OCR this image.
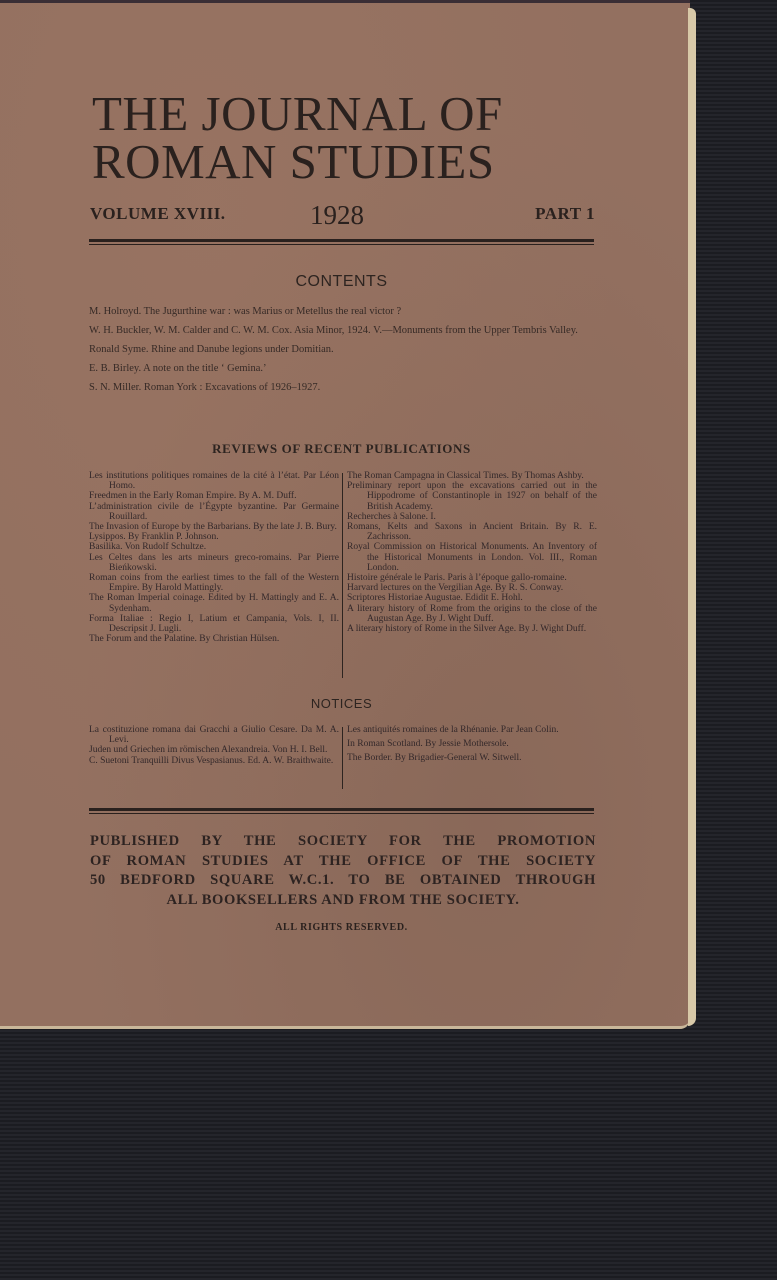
THE JOURNAL OF
ROMAN STUDIES
VOLUME XVIII.	1928	PART 1
CONTENTS
M. Holroyd. The Jugurthine war : was Marius or Metellus the real victor ?
W. H. Buckler, W. M. Calder and C. W. M. Cox. Asia Minor, 1924. V.—Monuments from the Upper Tembris Valley.
Ronald Syme. Rhine and Danube legions under Domitian.
E. B. Birley. A note on the title ‘ Gemina.’
S. N. Miller. Roman York : Excavations of 1926–1927.
REVIEWS OF RECENT PUBLICATIONS
Les institutions politiques romaines de la cité à l’état. Par Léon Homo.
Freedmen in the Early Roman Empire. By A. M. Duff.
L’administration civile de l’Égypte byzantine. Par Germaine Rouillard.
The Invasion of Europe by the Barbarians. By the late J. B. Bury.
Lysippos. By Franklin P. Johnson.
Basilika. Von Rudolf Schultze.
Les Celtes dans les arts mineurs greco-romains. Par Pierre Bieńkowski.
Roman coins from the earliest times to the fall of the Western Empire. By Harold Mattingly.
The Roman Imperial coinage. Edited by H. Mattingly and E. A. Sydenham.
Forma Italiae : Regio I, Latium et Campania, Vols. I, II. Descripsit J. Lugli.
The Forum and the Palatine. By Christian Hülsen.
The Roman Campagna in Classical Times. By Thomas Ashby.
Preliminary report upon the excavations carried out in the Hippodrome of Constantinople in 1927 on behalf of the British Academy.
Recherches à Salone. I.
Romans, Kelts and Saxons in Ancient Britain. By R. E. Zachrisson.
Royal Commission on Historical Monuments. An Inventory of the Historical Monuments in London. Vol. III., Roman London.
Histoire générale le Paris. Paris à l’époque gallo-romaine.
Harvard lectures on the Vergilian Age. By R. S. Conway.
Scriptores Historiae Augustae. Edidit E. Hohl.
A literary history of Rome from the origins to the close of the Augustan Age. By J. Wight Duff.
A literary history of Rome in the Silver Age. By J. Wight Duff.
NOTICES
La costituzione romana dai Gracchi a Giulio Cesare. Da M. A. Levi.
Juden und Griechen im römischen Alexandreia. Von H. I. Bell.
C. Suetoni Tranquilli Divus Vespasianus. Ed. A. W. Braithwaite.
Les antiquités romaines de la Rhénanie. Par Jean Colin.
In Roman Scotland. By Jessie Mothersole.
The Border. By Brigadier-General W. Sitwell.
PUBLISHED BY THE SOCIETY FOR THE PROMOTION
OF ROMAN STUDIES AT THE OFFICE OF THE SOCIETY
50 BEDFORD SQUARE W.C.1. TO BE OBTAINED THROUGH
ALL BOOKSELLERS AND FROM THE SOCIETY.
ALL RIGHTS RESERVED.
